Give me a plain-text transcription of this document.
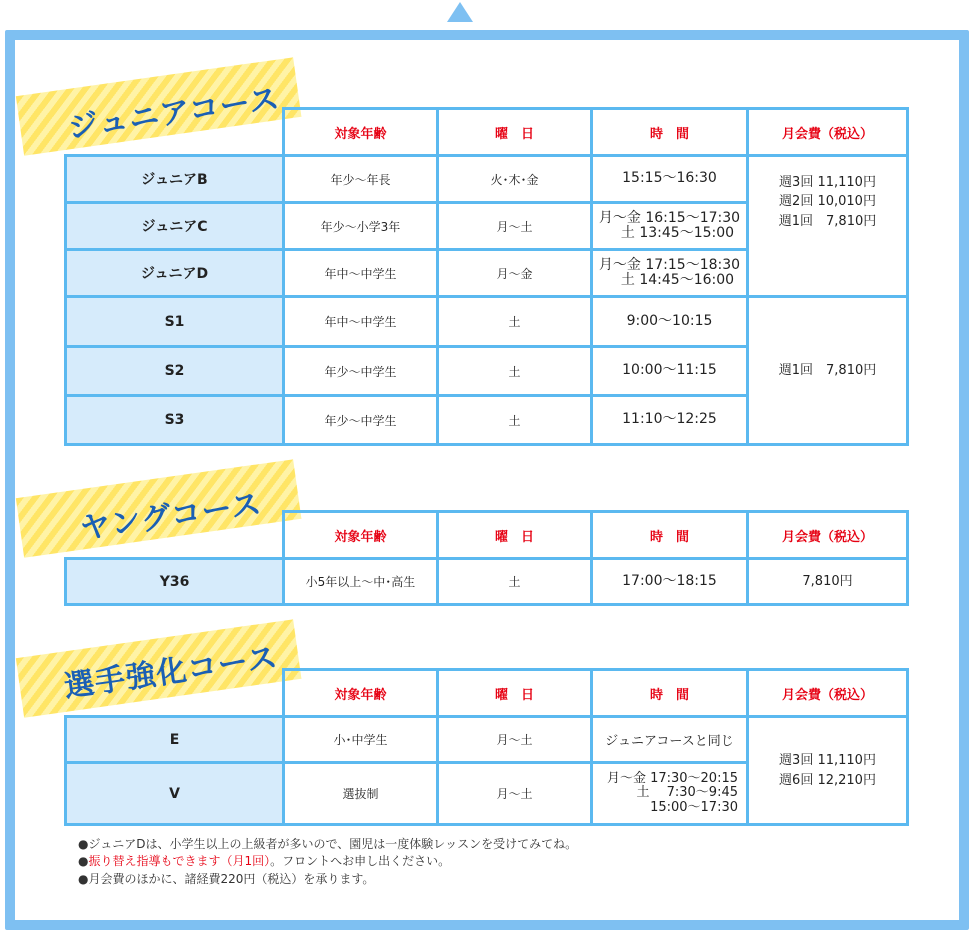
ジュニアコース
		対象年齢	曜　日	時　間	月会費（税込）
ジュニアB	年少～年長	火･木･金	15:15～16:30	週3回 11,110円
週2回 10,010円
週1回　7,810円

ジュニアC	年少～小学3年	月～土	月～金 16:15～17:30
土 13:45～15:00	

ジュニアD	年中～中学生	月～金	月～金 17:15～18:30
土 14:45～16:00	

S1	年中～中学生	土	9:00～10:15	週1回　7,810円
S2	年少～中学生	土	10:00～11:15	
S3	年少～中学生	土	11:10～12:25	
ヤングコース
		対象年齢	曜　日	時　間	月会費（税込）
Y36	小5年以上～中･高生	土	17:00～18:15	7,810円
選手強化コース
		対象年齢	曜　日	時　間	月会費（税込）
E	小･中学生	月～土	ジュニアコースと同じ	週3回 11,110円
週6回 12,210円

V	選抜制	月～土	月～金 17:30～20:15
土　 7:30～9:45
15:00～17:30	
●ジュニアDは、小学生以上の上級者が多いので、園児は一度体験レッスンを受けてみてね。
●振り替え指導もできます（月1回）。フロントへお申し出ください。
●月会費のほかに、諸経費220円（税込）を承ります。
